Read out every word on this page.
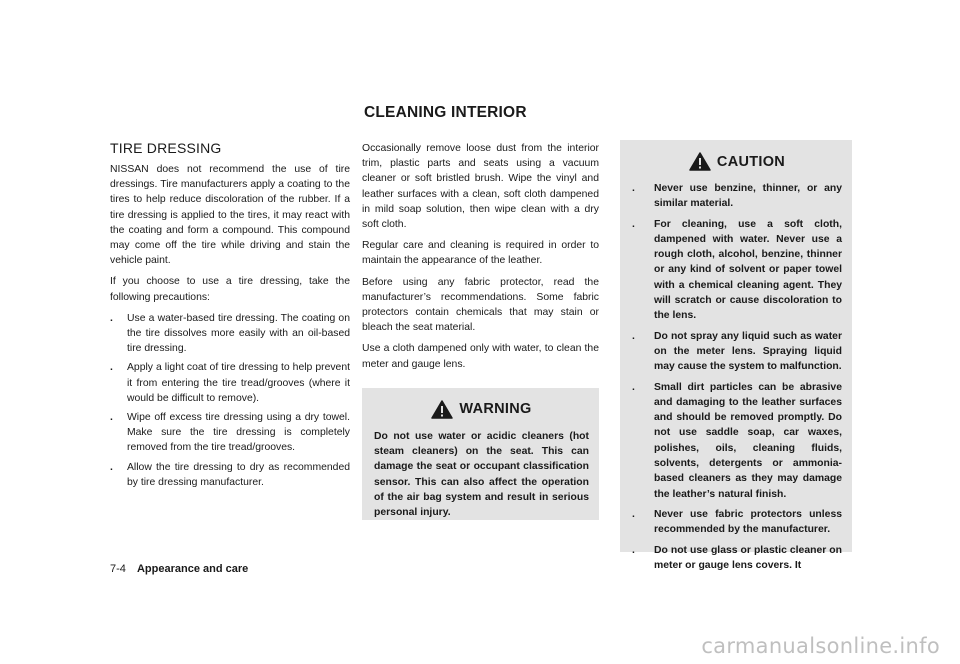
CLEANING INTERIOR
TIRE DRESSING

NISSAN does not recommend the use of tire dressings. Tire manufacturers apply a coating to the tires to help reduce discoloration of the rubber. If a tire dressing is applied to the tires, it may react with the coating and form a compound. This compound may come off the tire while driving and stain the vehicle paint.

If you choose to use a tire dressing, take the following precautions:

. Use a water-based tire dressing. The coating on the tire dissolves more easily with an oil-based tire dressing.
. Apply a light coat of tire dressing to help prevent it from entering the tire tread/grooves (where it would be difficult to remove).
. Wipe off excess tire dressing using a dry towel. Make sure the tire dressing is completely removed from the tire tread/grooves.
. Allow the tire dressing to dry as recommended by tire dressing manufacturer.

Occasionally remove loose dust from the interior trim, plastic parts and seats using a vacuum cleaner or soft bristled brush. Wipe the vinyl and leather surfaces with a clean, soft cloth dampened in mild soap solution, then wipe clean with a dry soft cloth.

Regular care and cleaning is required in order to maintain the appearance of the leather.

Before using any fabric protector, read the manufacturer’s recommendations. Some fabric protectors contain chemicals that may stain or bleach the seat material.

Use a cloth dampened only with water, to clean the meter and gauge lens.

WARNING

Do not use water or acidic cleaners (hot steam cleaners) on the seat. This can damage the seat or occupant classification sensor. This can also affect the operation of the air bag system and result in serious personal injury.

CAUTION
. Never use benzine, thinner, or any similar material.
. For cleaning, use a soft cloth, dampened with water. Never use a rough cloth, alcohol, benzine, thinner or any kind of solvent or paper towel with a chemical cleaning agent. They will scratch or cause discoloration to the lens.
. Do not spray any liquid such as water on the meter lens. Spraying liquid may cause the system to malfunction.
. Small dirt particles can be abrasive and damaging to the leather surfaces and should be removed promptly. Do not use saddle soap, car waxes, polishes, oils, cleaning fluids, solvents, detergents or ammonia-based cleaners as they may damage the leather’s natural finish.
. Never use fabric protectors unless recommended by the manufacturer.
. Do not use glass or plastic cleaner on meter or gauge lens covers. It
7-4 Appearance and care
carmanualsonline.info
